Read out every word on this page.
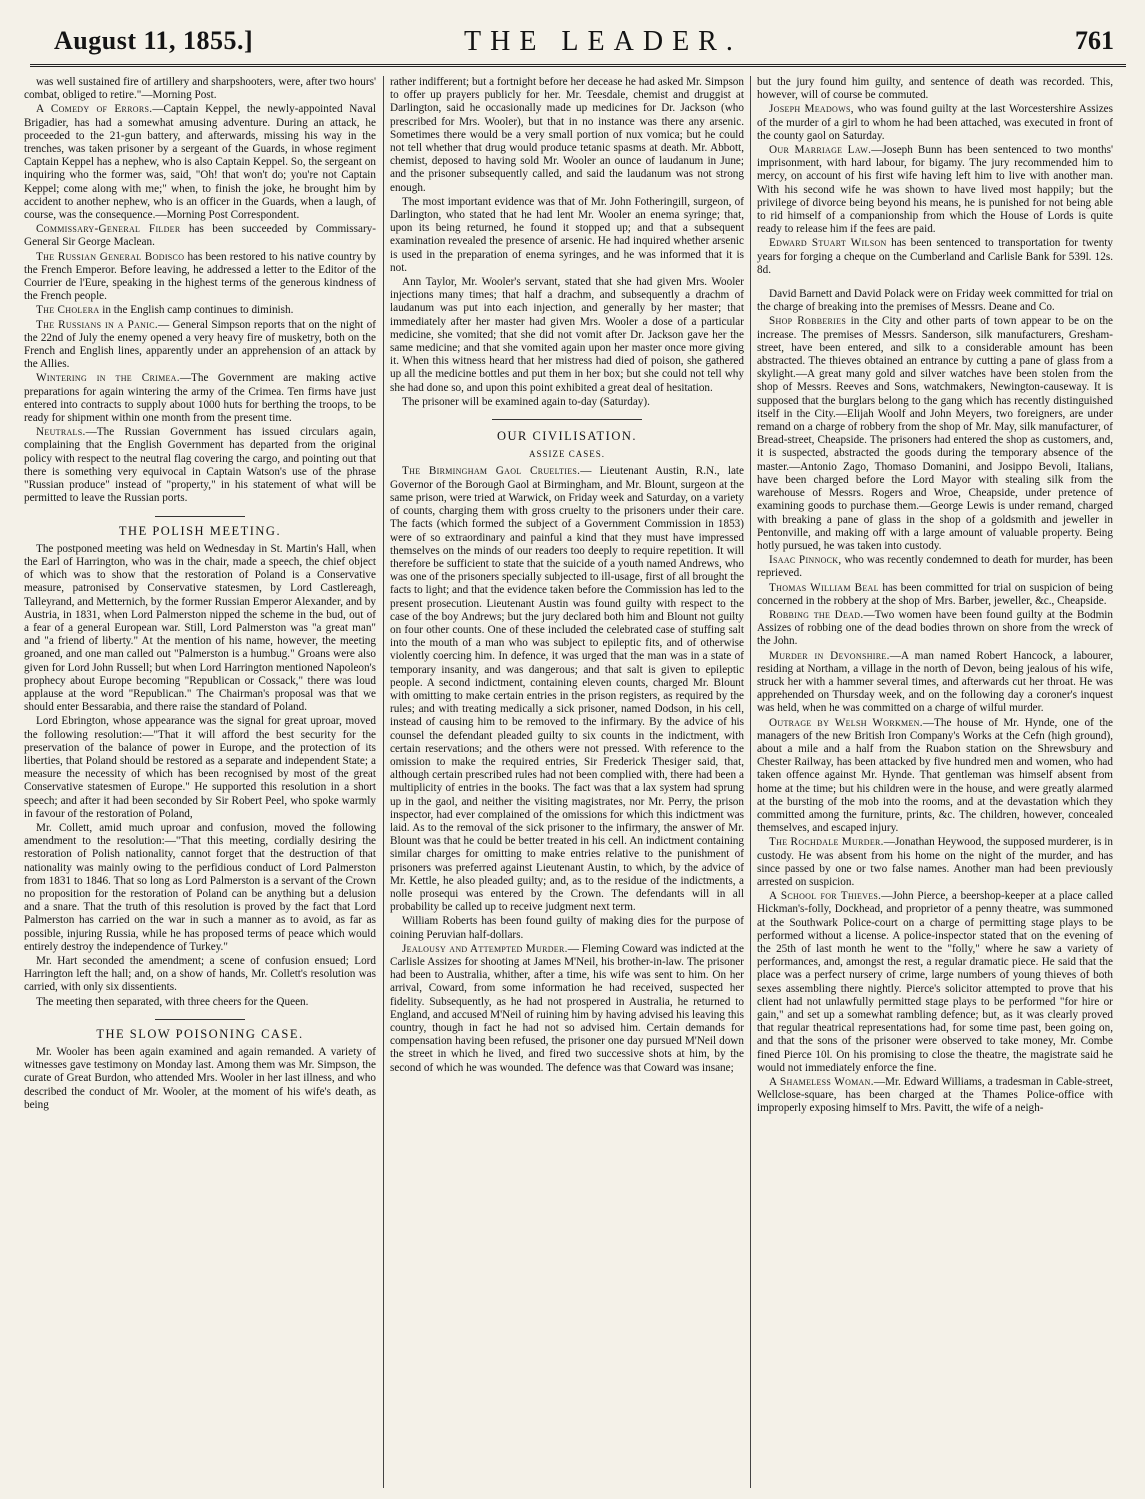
August 11, 1855.]	THE LEADER.	761

was well sustained fire of artillery and sharpshooters, were, after two hours' combat, obliged to retire."—Morning Post.

A Comedy of Errors.—Captain Keppel, the newly-appointed Naval Brigadier, has had a somewhat amusing adventure. During an attack, he proceeded to the 21-gun battery, and afterwards, missing his way in the trenches, was taken prisoner by a sergeant of the Guards, in whose regiment Captain Keppel has a nephew, who is also Captain Keppel. So, the sergeant on inquiring who the former was, said, "Oh! that won't do; you're not Captain Keppel; come along with me;" when, to finish the joke, he brought him by accident to another nephew, who is an officer in the Guards, when a laugh, of course, was the consequence.—Morning Post Correspondent.

Commissary-General Filder has been succeeded by Commissary-General Sir George Maclean.

The Russian General Bodisco has been restored to his native country by the French Emperor. Before leaving, he addressed a letter to the Editor of the Courrier de l'Eure, speaking in the highest terms of the generous kindness of the French people.

The Cholera in the English camp continues to diminish.

The Russians in a Panic.— General Simpson reports that on the night of the 22nd of July the enemy opened a very heavy fire of musketry, both on the French and English lines, apparently under an apprehension of an attack by the Allies.

Wintering in the Crimea.—The Government are making active preparations for again wintering the army of the Crimea. Ten firms have just entered into contracts to supply about 1000 huts for berthing the troops, to be ready for shipment within one month from the present time.

Neutrals.—The Russian Government has issued circulars again, complaining that the English Government has departed from the original policy with respect to the neutral flag covering the cargo, and pointing out that there is something very equivocal in Captain Watson's use of the phrase "Russian produce" instead of "property," in his statement of what will be permitted to leave the Russian ports.

THE POLISH MEETING.

The postponed meeting was held on Wednesday in St. Martin's Hall, when the Earl of Harrington, who was in the chair, made a speech, the chief object of which was to show that the restoration of Poland is a Conservative measure, patronised by Conservative statesmen, by Lord Castlereagh, Talleyrand, and Metternich, by the former Russian Emperor Alexander, and by Austria, in 1831, when Lord Palmerston nipped the scheme in the bud, out of a fear of a general European war. Still, Lord Palmerston was "a great man" and "a friend of liberty." At the mention of his name, however, the meeting groaned, and one man called out "Palmerston is a humbug." Groans were also given for Lord John Russell; but when Lord Harrington mentioned Napoleon's prophecy about Europe becoming "Republican or Cossack," there was loud applause at the word "Republican." The Chairman's proposal was that we should enter Bessarabia, and there raise the standard of Poland.

Lord Ebrington, whose appearance was the signal for great uproar, moved the following resolution:—"That it will afford the best security for the preservation of the balance of power in Europe, and the protection of its liberties, that Poland should be restored as a separate and independent State; a measure the necessity of which has been recognised by most of the great Conservative statesmen of Europe." He supported this resolution in a short speech; and after it had been seconded by Sir Robert Peel, who spoke warmly in favour of the restoration of Poland,

Mr. Collett, amid much uproar and confusion, moved the following amendment to the resolution:—"That this meeting, cordially desiring the restoration of Polish nationality, cannot forget that the destruction of that nationality was mainly owing to the perfidious conduct of Lord Palmerston from 1831 to 1846. That so long as Lord Palmerston is a servant of the Crown no proposition for the restoration of Poland can be anything but a delusion and a snare. That the truth of this resolution is proved by the fact that Lord Palmerston has carried on the war in such a manner as to avoid, as far as possible, injuring Russia, while he has proposed terms of peace which would entirely destroy the independence of Turkey."

Mr. Hart seconded the amendment; a scene of confusion ensued; Lord Harrington left the hall; and, on a show of hands, Mr. Collett's resolution was carried, with only six dissentients.

The meeting then separated, with three cheers for the Queen.

THE SLOW POISONING CASE.

Mr. Wooler has been again examined and again remanded. A variety of witnesses gave testimony on Monday last. Among them was Mr. Simpson, the curate of Great Burdon, who attended Mrs. Wooler in her last illness, and who described the conduct of Mr. Wooler, at the moment of his wife's death, as being

rather indifferent; but a fortnight before her decease he had asked Mr. Simpson to offer up prayers publicly for her. Mr. Teesdale, chemist and druggist at Darlington, said he occasionally made up medicines for Dr. Jackson (who prescribed for Mrs. Wooler), but that in no instance was there any arsenic. Sometimes there would be a very small portion of nux vomica; but he could not tell whether that drug would produce tetanic spasms at death. Mr. Abbott, chemist, deposed to having sold Mr. Wooler an ounce of laudanum in June; and the prisoner subsequently called, and said the laudanum was not strong enough.

The most important evidence was that of Mr. John Fotheringill, surgeon, of Darlington, who stated that he had lent Mr. Wooler an enema syringe; that, upon its being returned, he found it stopped up; and that a subsequent examination revealed the presence of arsenic. He had inquired whether arsenic is used in the preparation of enema syringes, and he was informed that it is not.

Ann Taylor, Mr. Wooler's servant, stated that she had given Mrs. Wooler injections many times; that half a drachm, and subsequently a drachm of laudanum was put into each injection, and generally by her master; that immediately after her master had given Mrs. Wooler a dose of a particular medicine, she vomited; that she did not vomit after Dr. Jackson gave her the same medicine; and that she vomited again upon her master once more giving it. When this witness heard that her mistress had died of poison, she gathered up all the medicine bottles and put them in her box; but she could not tell why she had done so, and upon this point exhibited a great deal of hesitation.

The prisoner will be examined again to-day (Saturday).

OUR CIVILISATION.
ASSIZE CASES.

The Birmingham Gaol Cruelties.— Lieutenant Austin, R.N., late Governor of the Borough Gaol at Birmingham, and Mr. Blount, surgeon at the same prison, were tried at Warwick, on Friday week and Saturday, on a variety of counts, charging them with gross cruelty to the prisoners under their care. The facts (which formed the subject of a Government Commission in 1853) were of so extraordinary and painful a kind that they must have impressed themselves on the minds of our readers too deeply to require repetition. It will therefore be sufficient to state that the suicide of a youth named Andrews, who was one of the prisoners specially subjected to ill-usage, first of all brought the facts to light; and that the evidence taken before the Commission has led to the present prosecution. Lieutenant Austin was found guilty with respect to the case of the boy Andrews; but the jury declared both him and Blount not guilty on four other counts. One of these included the celebrated case of stuffing salt into the mouth of a man who was subject to epileptic fits, and of otherwise violently coercing him. In defence, it was urged that the man was in a state of temporary insanity, and was dangerous; and that salt is given to epileptic people. A second indictment, containing eleven counts, charged Mr. Blount with omitting to make certain entries in the prison registers, as required by the rules; and with treating medically a sick prisoner, named Dodson, in his cell, instead of causing him to be removed to the infirmary. By the advice of his counsel the defendant pleaded guilty to six counts in the indictment, with certain reservations; and the others were not pressed. With reference to the omission to make the required entries, Sir Frederick Thesiger said, that, although certain prescribed rules had not been complied with, there had been a multiplicity of entries in the books. The fact was that a lax system had sprung up in the gaol, and neither the visiting magistrates, nor Mr. Perry, the prison inspector, had ever complained of the omissions for which this indictment was laid. As to the removal of the sick prisoner to the infirmary, the answer of Mr. Blount was that he could be better treated in his cell. An indictment containing similar charges for omitting to make entries relative to the punishment of prisoners was preferred against Lieutenant Austin, to which, by the advice of Mr. Kettle, he also pleaded guilty; and, as to the residue of the indictments, a nolle prosequi was entered by the Crown. The defendants will in all probability be called up to receive judgment next term.

William Roberts has been found guilty of making dies for the purpose of coining Peruvian half-dollars.

Jealousy and Attempted Murder.— Fleming Coward was indicted at the Carlisle Assizes for shooting at James M'Neil, his brother-in-law. The prisoner had been to Australia, whither, after a time, his wife was sent to him. On her arrival, Coward, from some information he had received, suspected her fidelity. Subsequently, as he had not prospered in Australia, he returned to England, and accused M'Neil of ruining him by having advised his leaving this country, though in fact he had not so advised him. Certain demands for compensation having been refused, the prisoner one day pursued M'Neil down the street in which he lived, and fired two successive shots at him, by the second of which he was wounded. The defence was that Coward was insane;

but the jury found him guilty, and sentence of death was recorded. This, however, will of course be commuted.

Joseph Meadows, who was found guilty at the last Worcestershire Assizes of the murder of a girl to whom he had been attached, was executed in front of the county gaol on Saturday.

Our Marriage Law.—Joseph Bunn has been sentenced to two months' imprisonment, with hard labour, for bigamy. The jury recommended him to mercy, on account of his first wife having left him to live with another man. With his second wife he was shown to have lived most happily; but the privilege of divorce being beyond his means, he is punished for not being able to rid himself of a companionship from which the House of Lords is quite ready to release him if the fees are paid.

Edward Stuart Wilson has been sentenced to transportation for twenty years for forging a cheque on the Cumberland and Carlisle Bank for 539l. 12s. 8d.

David Barnett and David Polack were on Friday week committed for trial on the charge of breaking into the premises of Messrs. Deane and Co.

Shop Robberies in the City and other parts of town appear to be on the increase. The premises of Messrs. Sanderson, silk manufacturers, Gresham-street, have been entered, and silk to a considerable amount has been abstracted. The thieves obtained an entrance by cutting a pane of glass from a skylight.—A great many gold and silver watches have been stolen from the shop of Messrs. Reeves and Sons, watchmakers, Newington-causeway. It is supposed that the burglars belong to the gang which has recently distinguished itself in the City.—Elijah Woolf and John Meyers, two foreigners, are under remand on a charge of robbery from the shop of Mr. May, silk manufacturer, of Bread-street, Cheapside. The prisoners had entered the shop as customers, and, it is suspected, abstracted the goods during the temporary absence of the master.—Antonio Zago, Thomaso Domanini, and Josippo Bevoli, Italians, have been charged before the Lord Mayor with stealing silk from the warehouse of Messrs. Rogers and Wroe, Cheapside, under pretence of examining goods to purchase them.—George Lewis is under remand, charged with breaking a pane of glass in the shop of a goldsmith and jeweller in Pentonville, and making off with a large amount of valuable property. Being hotly pursued, he was taken into custody.

Isaac Pinnock, who was recently condemned to death for murder, has been reprieved.

Thomas William Beal has been committed for trial on suspicion of being concerned in the robbery at the shop of Mrs. Barber, jeweller, &c., Cheapside.

Robbing the Dead.—Two women have been found guilty at the Bodmin Assizes of robbing one of the dead bodies thrown on shore from the wreck of the John.

Murder in Devonshire.—A man named Robert Hancock, a labourer, residing at Northam, a village in the north of Devon, being jealous of his wife, struck her with a hammer several times, and afterwards cut her throat. He was apprehended on Thursday week, and on the following day a coroner's inquest was held, when he was committed on a charge of wilful murder.

Outrage by Welsh Workmen.—The house of Mr. Hynde, one of the managers of the new British Iron Company's Works at the Cefn (high ground), about a mile and a half from the Ruabon station on the Shrewsbury and Chester Railway, has been attacked by five hundred men and women, who had taken offence against Mr. Hynde. That gentleman was himself absent from home at the time; but his children were in the house, and were greatly alarmed at the bursting of the mob into the rooms, and at the devastation which they committed among the furniture, prints, &c. The children, however, concealed themselves, and escaped injury.

The Rochdale Murder.—Jonathan Heywood, the supposed murderer, is in custody. He was absent from his home on the night of the murder, and has since passed by one or two false names. Another man had been previously arrested on suspicion.

A School for Thieves.—John Pierce, a beershop-keeper at a place called Hickman's-folly, Dockhead, and proprietor of a penny theatre, was summoned at the Southwark Police-court on a charge of permitting stage plays to be performed without a license. A police-inspector stated that on the evening of the 25th of last month he went to the "folly," where he saw a variety of performances, and, amongst the rest, a regular dramatic piece. He said that the place was a perfect nursery of crime, large numbers of young thieves of both sexes assembling there nightly. Pierce's solicitor attempted to prove that his client had not unlawfully permitted stage plays to be performed "for hire or gain," and set up a somewhat rambling defence; but, as it was clearly proved that regular theatrical representations had, for some time past, been going on, and that the sons of the prisoner were observed to take money, Mr. Combe fined Pierce 10l. On his promising to close the theatre, the magistrate said he would not immediately enforce the fine.

A Shameless Woman.—Mr. Edward Williams, a tradesman in Cable-street, Wellclose-square, has been charged at the Thames Police-office with improperly exposing himself to Mrs. Pavitt, the wife of a neigh-
